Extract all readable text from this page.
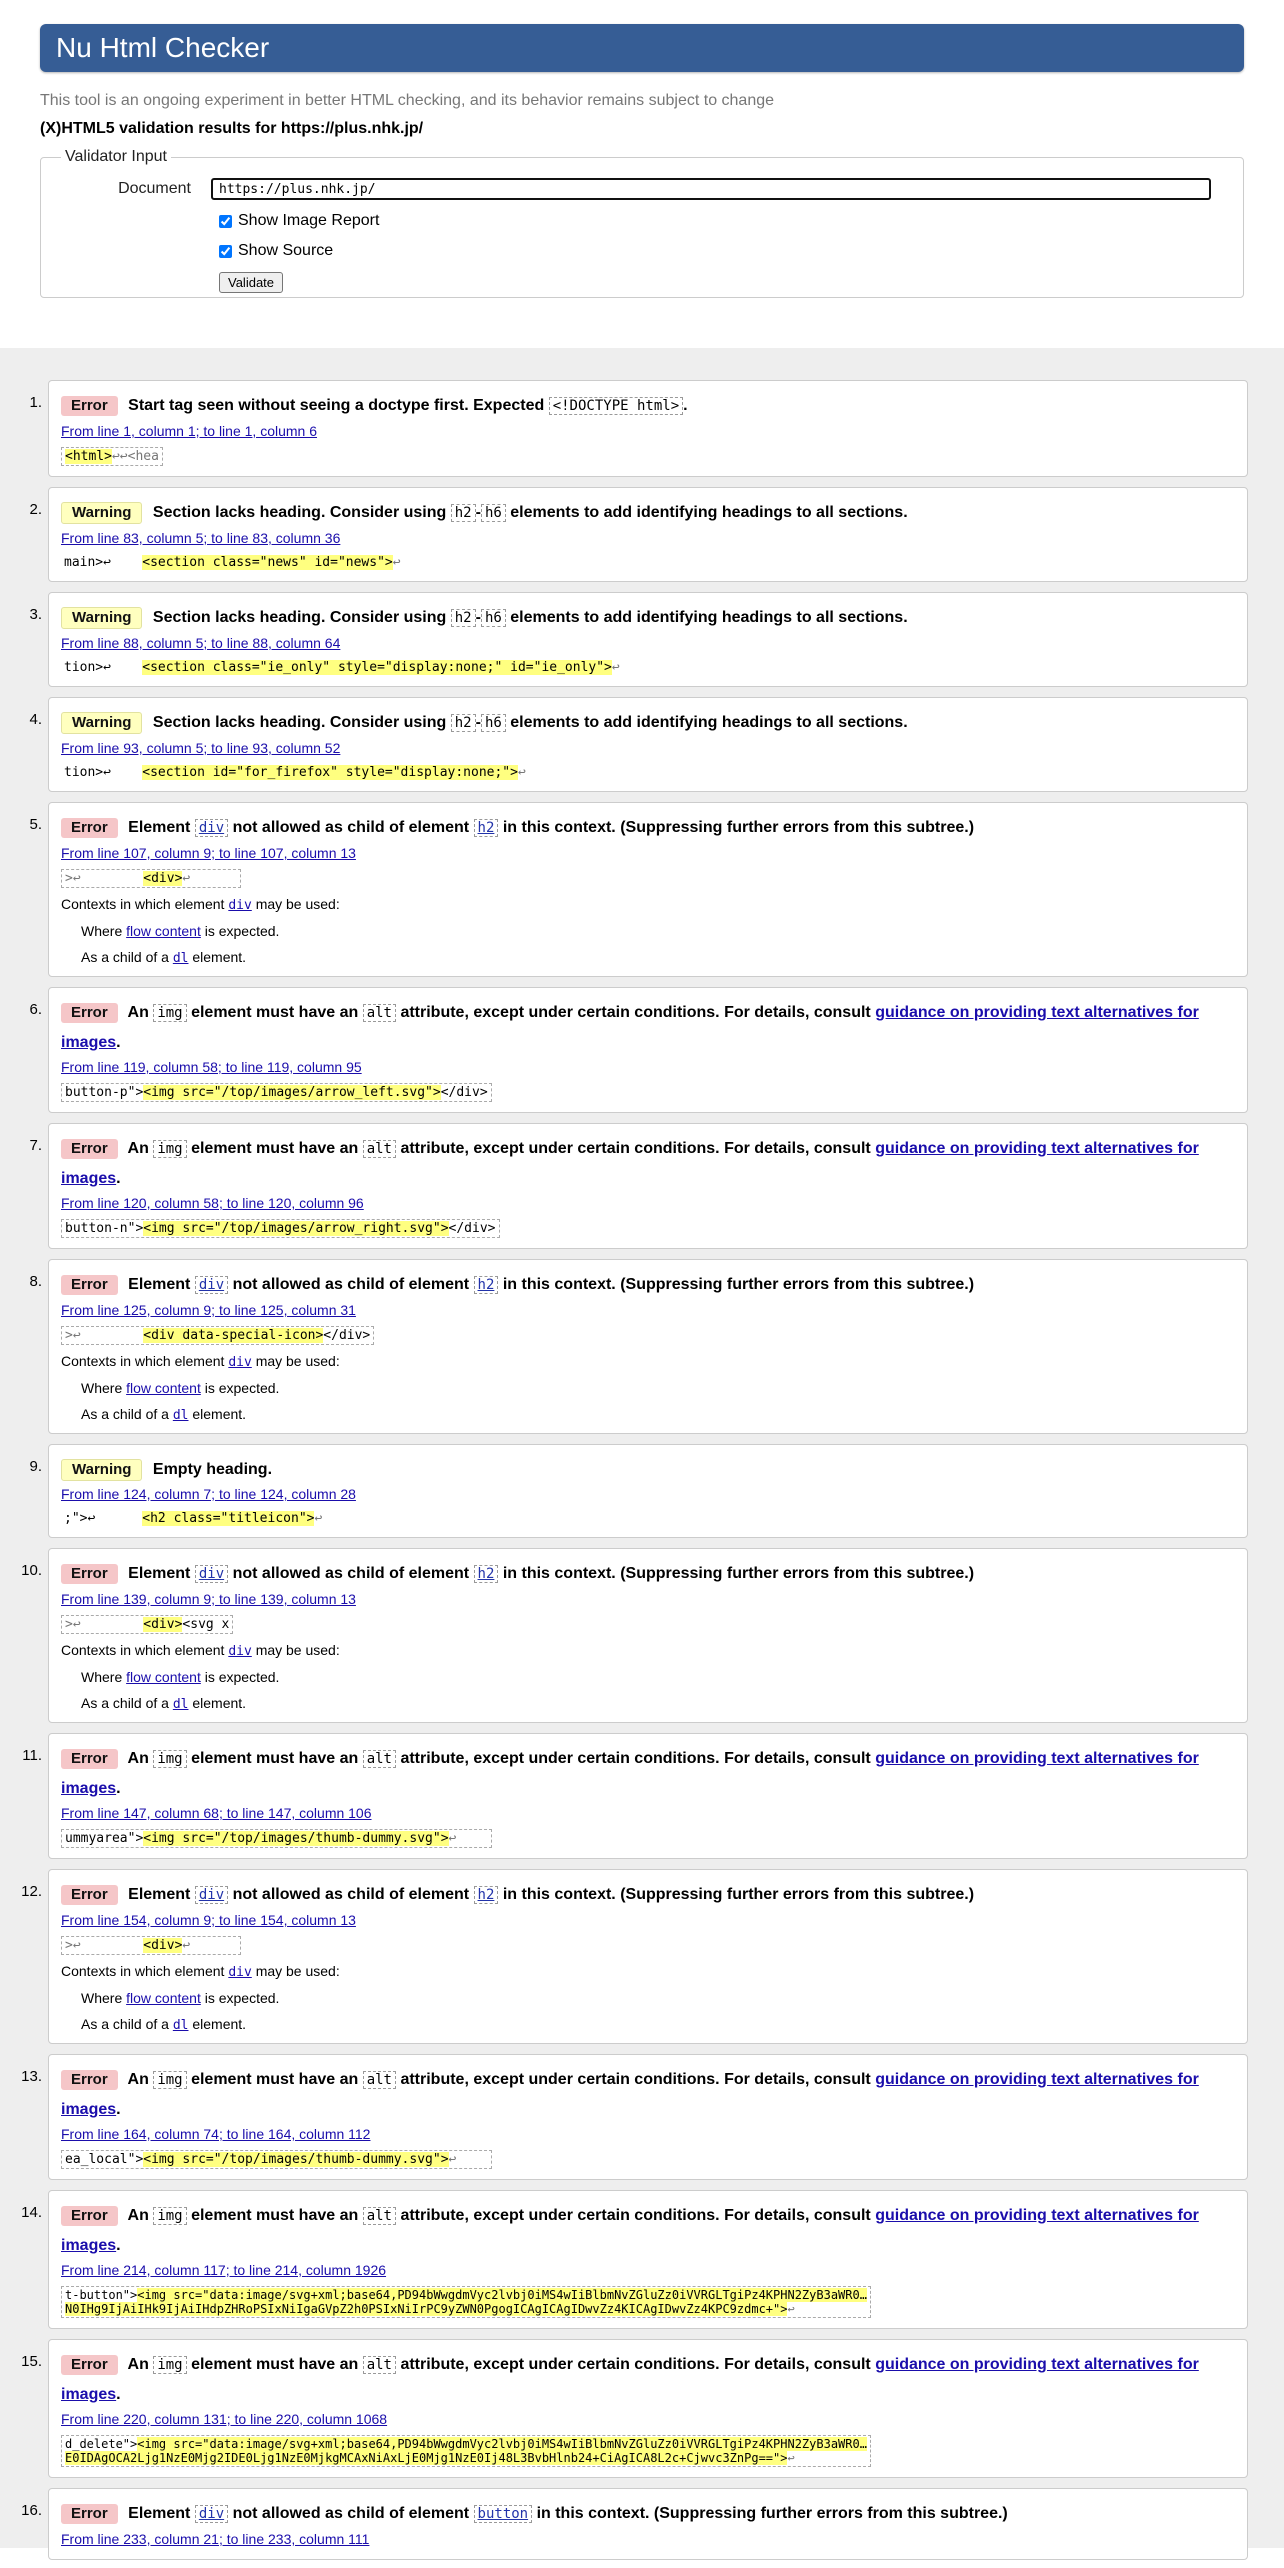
Nu Html Checker
This tool is an ongoing experiment in better HTML checking, and its behavior remains subject to change
(X)HTML5 validation results for https://plus.nhk.jp/
Validator Input
Document
https://plus.nhk.jp/
Show Image Report
Show Source
Validate
1.	Error Start tag seen without seeing a doctype first. Expected <!DOCTYPE html> .
From line 1, column 1; to line 1, column 6
<html>↩↩<hea
2.	Warning Section lacks heading. Consider using h2 - h6 elements to add identifying headings to all sections.
From line 83, column 5; to line 83, column 36
main>↩    <section class="news" id="news">↩
3.	Warning Section lacks heading. Consider using h2 - h6 elements to add identifying headings to all sections.
From line 88, column 5; to line 88, column 64
tion>↩    <section class="ie_only" style="display:none;" id="ie_only">↩
4.	Warning Section lacks heading. Consider using h2 - h6 elements to add identifying headings to all sections.
From line 93, column 5; to line 93, column 52
tion>↩    <section id="for_firefox" style="display:none;">↩
5.	Error Element div not allowed as child of element h2 in this context. (Suppressing further errors from this subtree.)
From line 107, column 9; to line 107, column 13
>↩        <div>↩
Contexts in which element div may be used:
Where flow content is expected.
As a child of a dl element.
6.	Error An img element must have an alt attribute, except under certain conditions. For details, consult guidance on providing text alternatives for images.
From line 119, column 58; to line 119, column 95
button-p"><img src="/top/images/arrow_left.svg"></div>
7.	Error An img element must have an alt attribute, except under certain conditions. For details, consult guidance on providing text alternatives for images.
From line 120, column 58; to line 120, column 96
button-n"><img src="/top/images/arrow_right.svg"></div>
8.	Error Element div not allowed as child of element h2 in this context. (Suppressing further errors from this subtree.)
From line 125, column 9; to line 125, column 31
>↩        <div data-special-icon></div>
Contexts in which element div may be used:
Where flow content is expected.
As a child of a dl element.
9.	Warning Empty heading.
From line 124, column 7; to line 124, column 28
;">↩      <h2 class="titleicon">↩
10.	Error Element div not allowed as child of element h2 in this context. (Suppressing further errors from this subtree.)
From line 139, column 9; to line 139, column 13
>↩        <div><svg x
Contexts in which element div may be used:
Where flow content is expected.
As a child of a dl element.
11.	Error An img element must have an alt attribute, except under certain conditions. For details, consult guidance on providing text alternatives for images.
From line 147, column 68; to line 147, column 106
ummyarea"><img src="/top/images/thumb-dummy.svg">↩
12.	Error Element div not allowed as child of element h2 in this context. (Suppressing further errors from this subtree.)
From line 154, column 9; to line 154, column 13
>↩        <div>↩
Contexts in which element div may be used:
Where flow content is expected.
As a child of a dl element.
13.	Error An img element must have an alt attribute, except under certain conditions. For details, consult guidance on providing text alternatives for images.
From line 164, column 74; to line 164, column 112
ea_local"><img src="/top/images/thumb-dummy.svg">↩
14.	Error An img element must have an alt attribute, except under certain conditions. For details, consult guidance on providing text alternatives for images.
From line 214, column 117; to line 214, column 1926
t-button"><img src="data:image/svg+xml;base64,PD94bWwgdmVyc2lvbj0iMS4wIiBlbmNvZGluZz0iVVRGLTgiPz4KPHN2ZyB3aWR0…
N0IHg9IjAiIHk9IjAiIHdpZHRoPSIxNiIgaGVpZ2h0PSIxNiIrPC9yZWN0PgogICAgICAgIDwvZz4KICAgIDwvZz4KPC9zdmc+">↩
15.	Error An img element must have an alt attribute, except under certain conditions. For details, consult guidance on providing text alternatives for images.
From line 220, column 131; to line 220, column 1068
d_delete"><img src="data:image/svg+xml;base64,PD94bWwgdmVyc2lvbj0iMS4wIiBlbmNvZGluZz0iVVRGLTgiPz4KPHN2ZyB3aWR0…
E0IDAgOCA2Ljg1NzE0Mjg2IDE0Ljg1NzE0MjkgMCAxNiAxLjE0Mjg1NzE0Ij48L3BvbHlnb24+CiAgICA8L2c+Cjwvc3ZnPg==">↩
16.	Error Element div not allowed as child of element button in this context. (Suppressing further errors from this subtree.)
From line 233, column 21; to line 233, column 111
